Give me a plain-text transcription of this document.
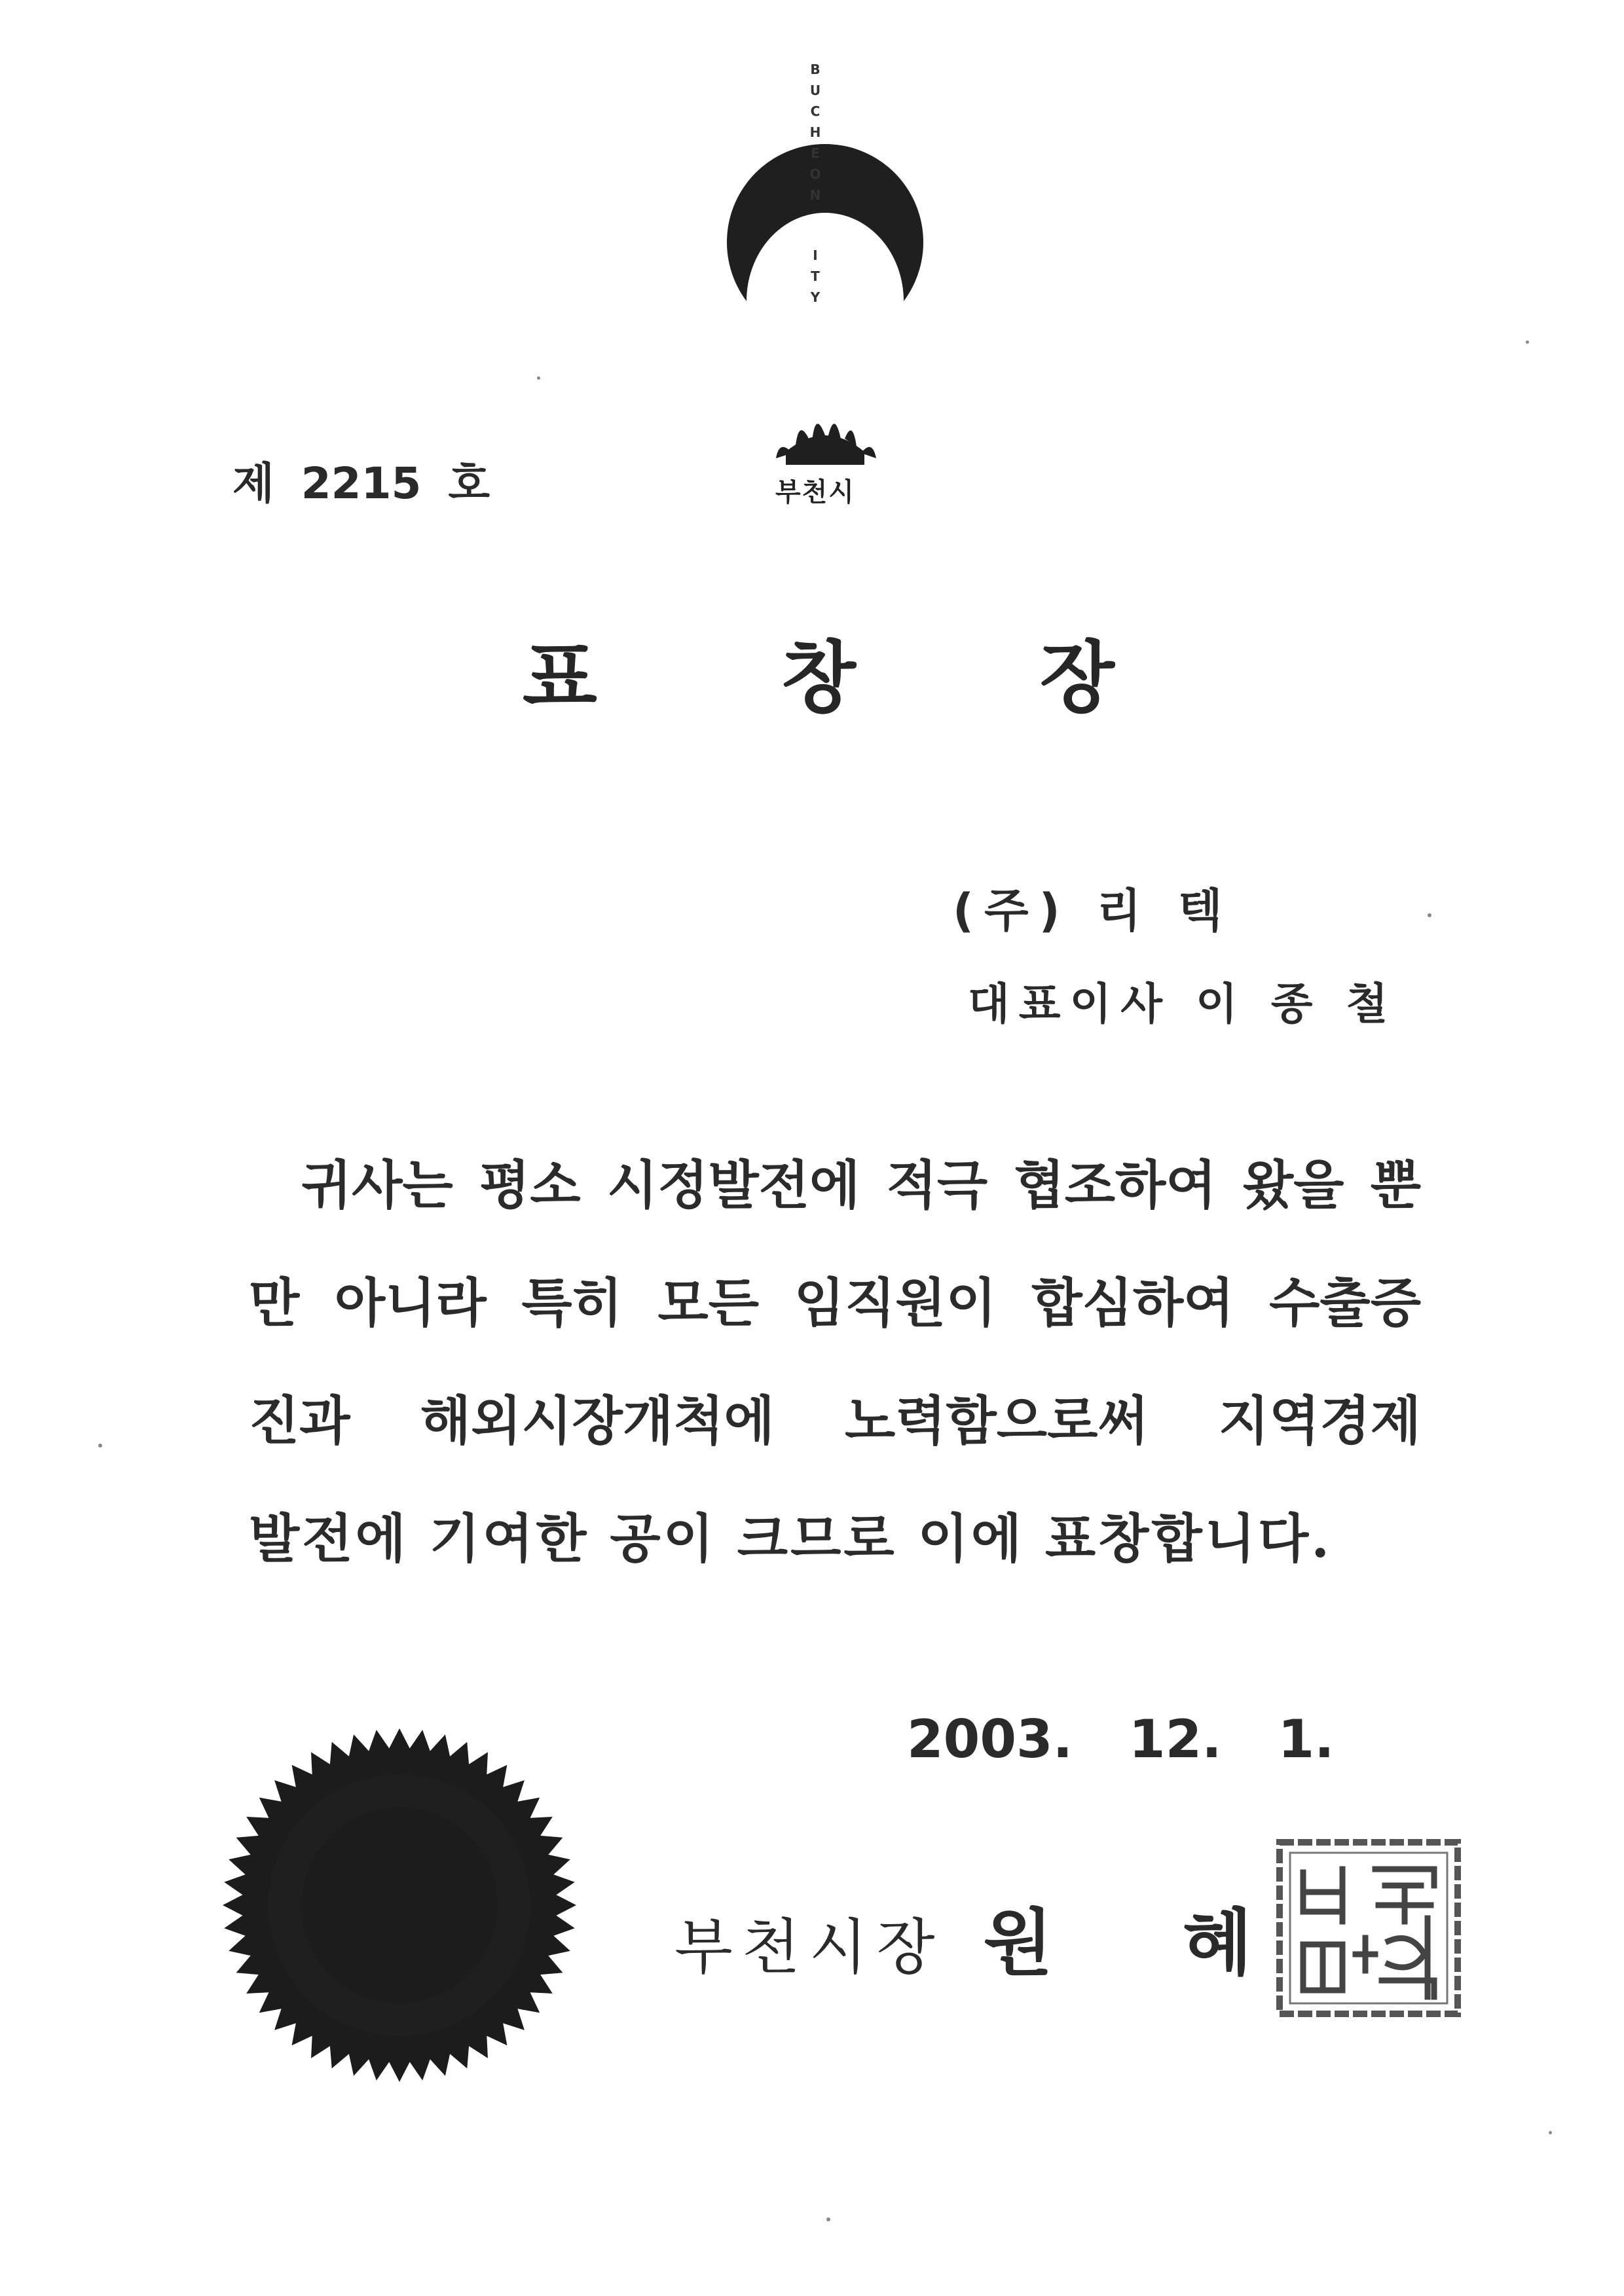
B
U
C
H
E
O
N
C
I
T
Y
부천시
제 2215 호
표 창 장
(주) 리 텍
대표이사 이 종 철
귀사는 평소 시정발전에 적극 협조하여 왔을 뿐
만 아니라 특히 모든 임직원이 합심하여 수출증
진과 해외시장개척에 노력함으로써 지역경제
발전에 기여한 공이 크므로 이에 표창합니다.
2003. 12. 1.
부천시장 원 혜
